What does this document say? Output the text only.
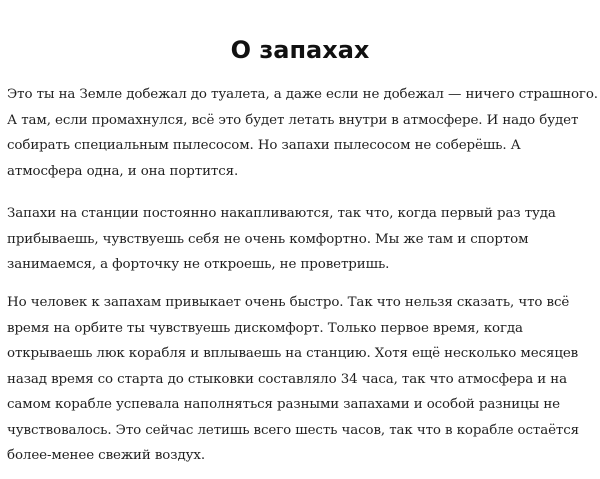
О запахах

Это ты на Земле добежал до туалета, а даже если не добежал — ничего страшного.
А там, если промахнулся, всё это будет летать внутри в атмосфере. И надо будет
собирать специальным пылесосом. Но запахи пылесосом не соберёшь. А
атмосфера одна, и она портится.

Запахи на станции постоянно накапливаются, так что, когда первый раз туда
прибываешь, чувствуешь себя не очень комфортно. Мы же там и спортом
занимаемся, а форточку не откроешь, не проветришь.

Но человек к запахам привыкает очень быстро. Так что нельзя сказать, что всё
время на орбите ты чувствуешь дискомфорт. Только первое время, когда
открываешь люк корабля и вплываешь на станцию. Хотя ещё несколько месяцев
назад время со старта до стыковки составляло 34 часа, так что атмосфера и на
самом корабле успевала наполняться разными запахами и особой разницы не
чувствовалось. Это сейчас летишь всего шесть часов, так что в корабле остаётся
более-менее свежий воздух.
